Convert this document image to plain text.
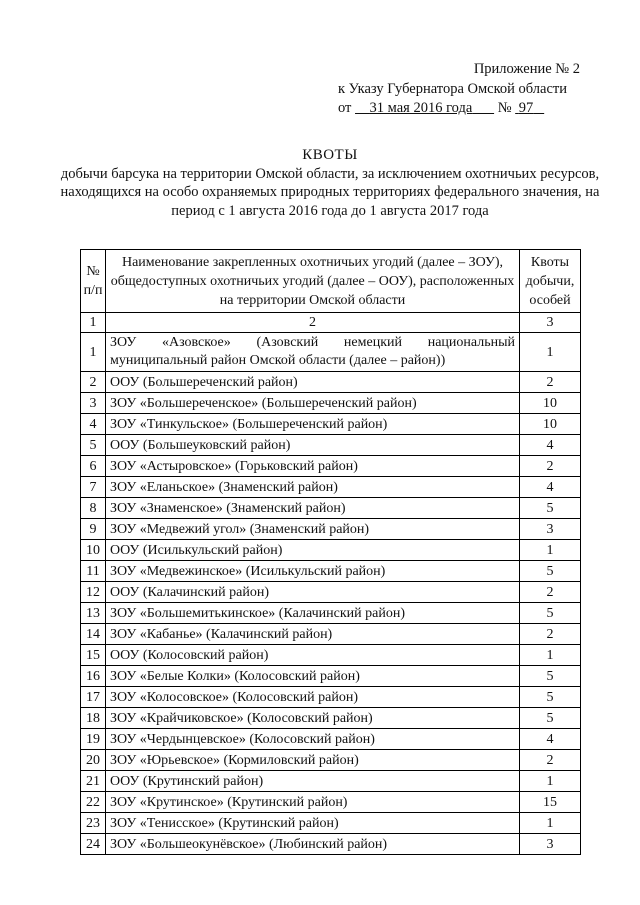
Приложение № 2
к Указу Губернатора Омской области
от 31 мая 2016 года № 97
КВОТЫ
добычи барсука на территории Омской области, за исключением охотничьих ресурсов, находящихся на особо охраняемых природных территориях федерального значения, на период с 1 августа 2016 года до 1 августа 2017 года
№ п/п	Наименование закрепленных охотничьих угодий (далее – ЗОУ), общедоступных охотничьих угодий (далее – ООУ), расположенных на территории Омской области	Квоты добычи, особей
1	2	3
1	ЗОУ «Азовское» (Азовский немецкий национальный муниципальный район Омской области (далее – район))	1
2	ООУ (Большереченский район)	2
3	ЗОУ «Большереченское» (Большереченский район)	10
4	ЗОУ «Тинкульское» (Большереченский район)	10
5	ООУ (Большеуковский район)	4
6	ЗОУ «Астыровское» (Горьковский район)	2
7	ЗОУ «Еланьское» (Знаменский район)	4
8	ЗОУ «Знаменское» (Знаменский район)	5
9	ЗОУ «Медвежий угол» (Знаменский район)	3
10	ООУ (Исилькульский район)	1
11	ЗОУ «Медвежинское» (Исилькульский район)	5
12	ООУ (Калачинский район)	2
13	ЗОУ «Большемитькинское» (Калачинский район)	5
14	ЗОУ «Кабанье» (Калачинский район)	2
15	ООУ (Колосовский район)	1
16	ЗОУ «Белые Колки» (Колосовский район)	5
17	ЗОУ «Колосовское» (Колосовский район)	5
18	ЗОУ «Крайчиковское» (Колосовский район)	5
19	ЗОУ «Чердынцевское» (Колосовский район)	4
20	ЗОУ «Юрьевское» (Кормиловский район)	2
21	ООУ (Крутинский район)	1
22	ЗОУ «Крутинское» (Крутинский район)	15
23	ЗОУ «Тенисское» (Крутинский район)	1
24	ЗОУ «Большеокунёвское» (Любинский район)	3
